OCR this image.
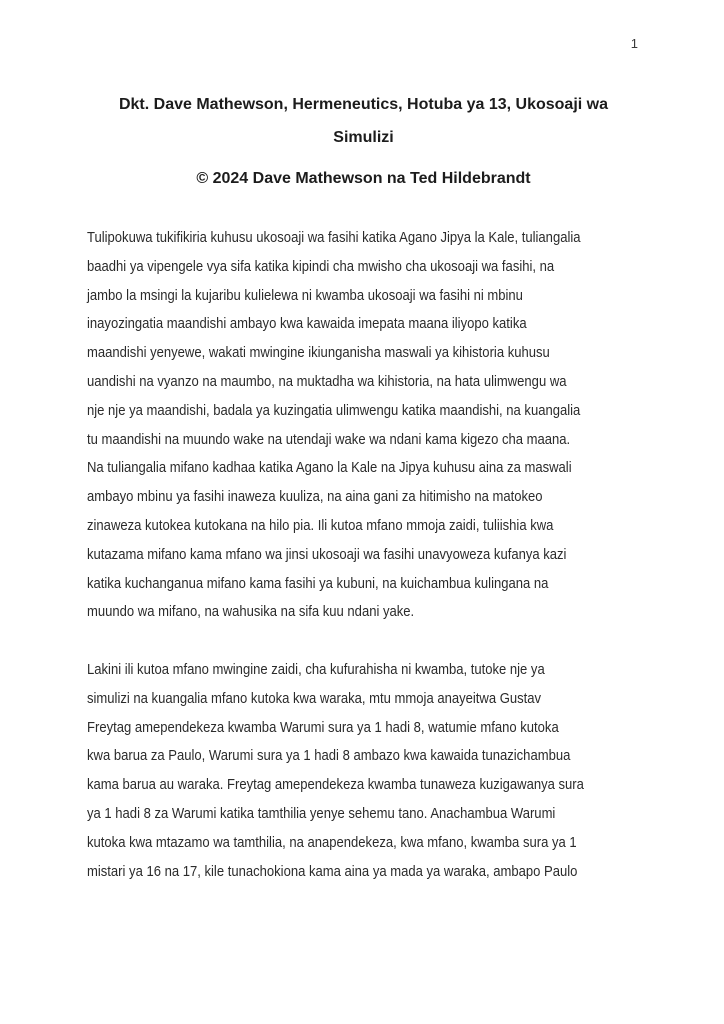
1
Dkt. Dave Mathewson, Hermeneutics, Hotuba ya 13, Ukosoaji wa
Simulizi

© 2024 Dave Mathewson na Ted Hildebrandt

Tulipokuwa tukifikiria kuhusu ukosoaji wa fasihi katika Agano Jipya la Kale, tuliangalia
baadhi ya vipengele vya sifa katika kipindi cha mwisho cha ukosoaji wa fasihi, na
jambo la msingi la kujaribu kulielewa ni kwamba ukosoaji wa fasihi ni mbinu
inayozingatia maandishi ambayo kwa kawaida imepata maana iliyopo katika
maandishi yenyewe, wakati mwingine ikiunganisha maswali ya kihistoria kuhusu
uandishi na vyanzo na maumbo, na muktadha wa kihistoria, na hata ulimwengu wa
nje nje ya maandishi, badala ya kuzingatia ulimwengu katika maandishi, na kuangalia
tu maandishi na muundo wake na utendaji wake wa ndani kama kigezo cha maana.
Na tuliangalia mifano kadhaa katika Agano la Kale na Jipya kuhusu aina za maswali
ambayo mbinu ya fasihi inaweza kuuliza, na aina gani za hitimisho na matokeo
zinaweza kutokea kutokana na hilo pia. Ili kutoa mfano mmoja zaidi, tuliishia kwa
kutazama mifano kama mfano wa jinsi ukosoaji wa fasihi unavyoweza kufanya kazi
katika kuchanganua mifano kama fasihi ya kubuni, na kuichambua kulingana na
muundo wa mifano, na wahusika na sifa kuu ndani yake.
Lakini ili kutoa mfano mwingine zaidi, cha kufurahisha ni kwamba, tutoke nje ya
simulizi na kuangalia mfano kutoka kwa waraka, mtu mmoja anayeitwa Gustav
Freytag amependekeza kwamba Warumi sura ya 1 hadi 8, watumie mfano kutoka
kwa barua za Paulo, Warumi sura ya 1 hadi 8 ambazo kwa kawaida tunazichambua
kama barua au waraka. Freytag amependekeza kwamba tunaweza kuzigawanya sura
ya 1 hadi 8 za Warumi katika tamthilia yenye sehemu tano. Anachambua Warumi
kutoka kwa mtazamo wa tamthilia, na anapendekeza, kwa mfano, kwamba sura ya 1
mistari ya 16 na 17, kile tunachokiona kama aina ya mada ya waraka, ambapo Paulo
